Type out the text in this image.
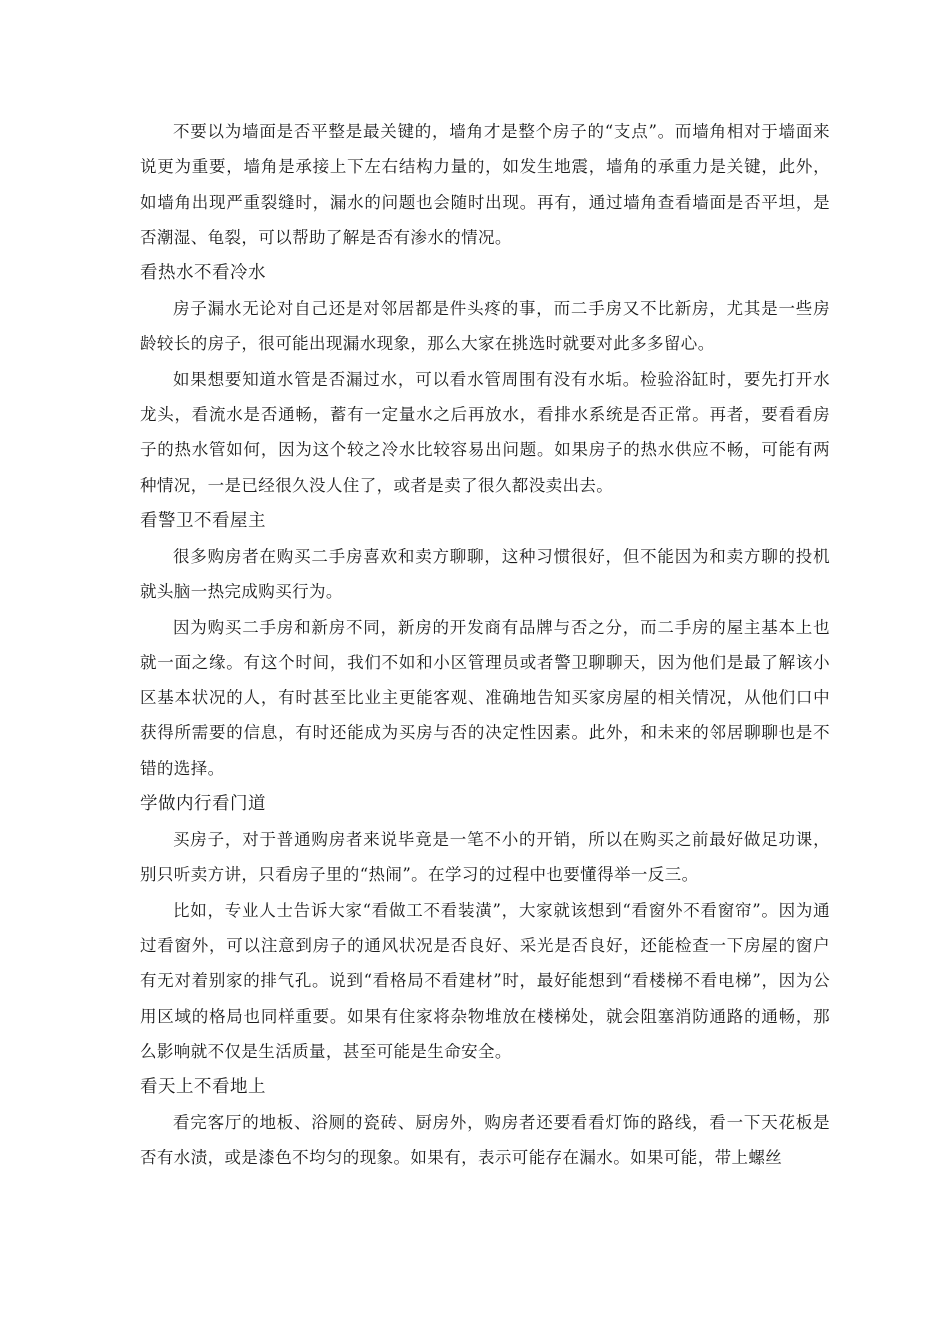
不要以为墙面是否平整是最关键的，墙角才是整个房子的“支点”。而墙角相对于墙面来说更为重要，墙角是承接上下左右结构力量的，如发生地震，墙角的承重力是关键，此外，如墙角出现严重裂缝时，漏水的问题也会随时出现。再有，通过墙角查看墙面是否平坦，是否潮湿、龟裂，可以帮助了解是否有渗水的情况。

看热水不看冷水

房子漏水无论对自己还是对邻居都是件头疼的事，而二手房又不比新房，尤其是一些房龄较长的房子，很可能出现漏水现象，那么大家在挑选时就要对此多多留心。

如果想要知道水管是否漏过水，可以看水管周围有没有水垢。检验浴缸时，要先打开水龙头，看流水是否通畅，蓄有一定量水之后再放水，看排水系统是否正常。再者，要看看房子的热水管如何，因为这个较之冷水比较容易出问题。如果房子的热水供应不畅，可能有两种情况，一是已经很久没人住了，或者是卖了很久都没卖出去。

看警卫不看屋主

很多购房者在购买二手房喜欢和卖方聊聊，这种习惯很好，但不能因为和卖方聊的投机就头脑一热完成购买行为。

因为购买二手房和新房不同，新房的开发商有品牌与否之分，而二手房的屋主基本上也就一面之缘。有这个时间，我们不如和小区管理员或者警卫聊聊天，因为他们是最了解该小区基本状况的人，有时甚至比业主更能客观、准确地告知买家房屋的相关情况，从他们口中获得所需要的信息，有时还能成为买房与否的决定性因素。此外，和未来的邻居聊聊也是不错的选择。

学做内行看门道

买房子，对于普通购房者来说毕竟是一笔不小的开销，所以在购买之前最好做足功课，别只听卖方讲，只看房子里的“热闹”。在学习的过程中也要懂得举一反三。

比如，专业人士告诉大家“看做工不看装潢”，大家就该想到“看窗外不看窗帘”。因为通过看窗外，可以注意到房子的通风状况是否良好、采光是否良好，还能检查一下房屋的窗户有无对着别家的排气孔。说到“看格局不看建材”时，最好能想到“看楼梯不看电梯”，因为公用区域的格局也同样重要。如果有住家将杂物堆放在楼梯处，就会阻塞消防通路的通畅，那么影响就不仅是生活质量，甚至可能是生命安全。

看天上不看地上

看完客厅的地板、浴厕的瓷砖、厨房外，购房者还要看看灯饰的路线，看一下天花板是否有水渍，或是漆色不均匀的现象。如果有，表示可能存在漏水。如果可能，带上螺丝
